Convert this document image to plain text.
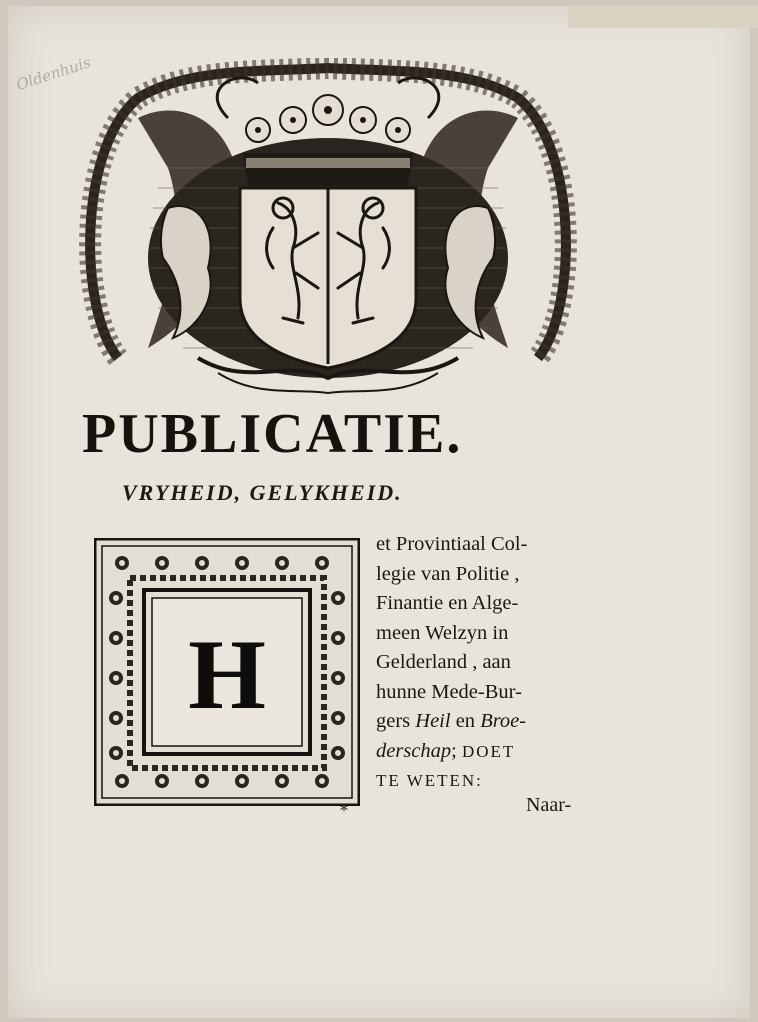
Oldenhuis
PUBLICATIE.
VRYHEID, GELYKHEID.
H
et Provintiaal Col-
legie van Politie ,
Finantie en Alge-
meen Welzyn in
Gelderland , aan
hunne Mede-Bur-
gers Heil en Broe-
derschap; DOET
TE WETEN:
*	Naar-
